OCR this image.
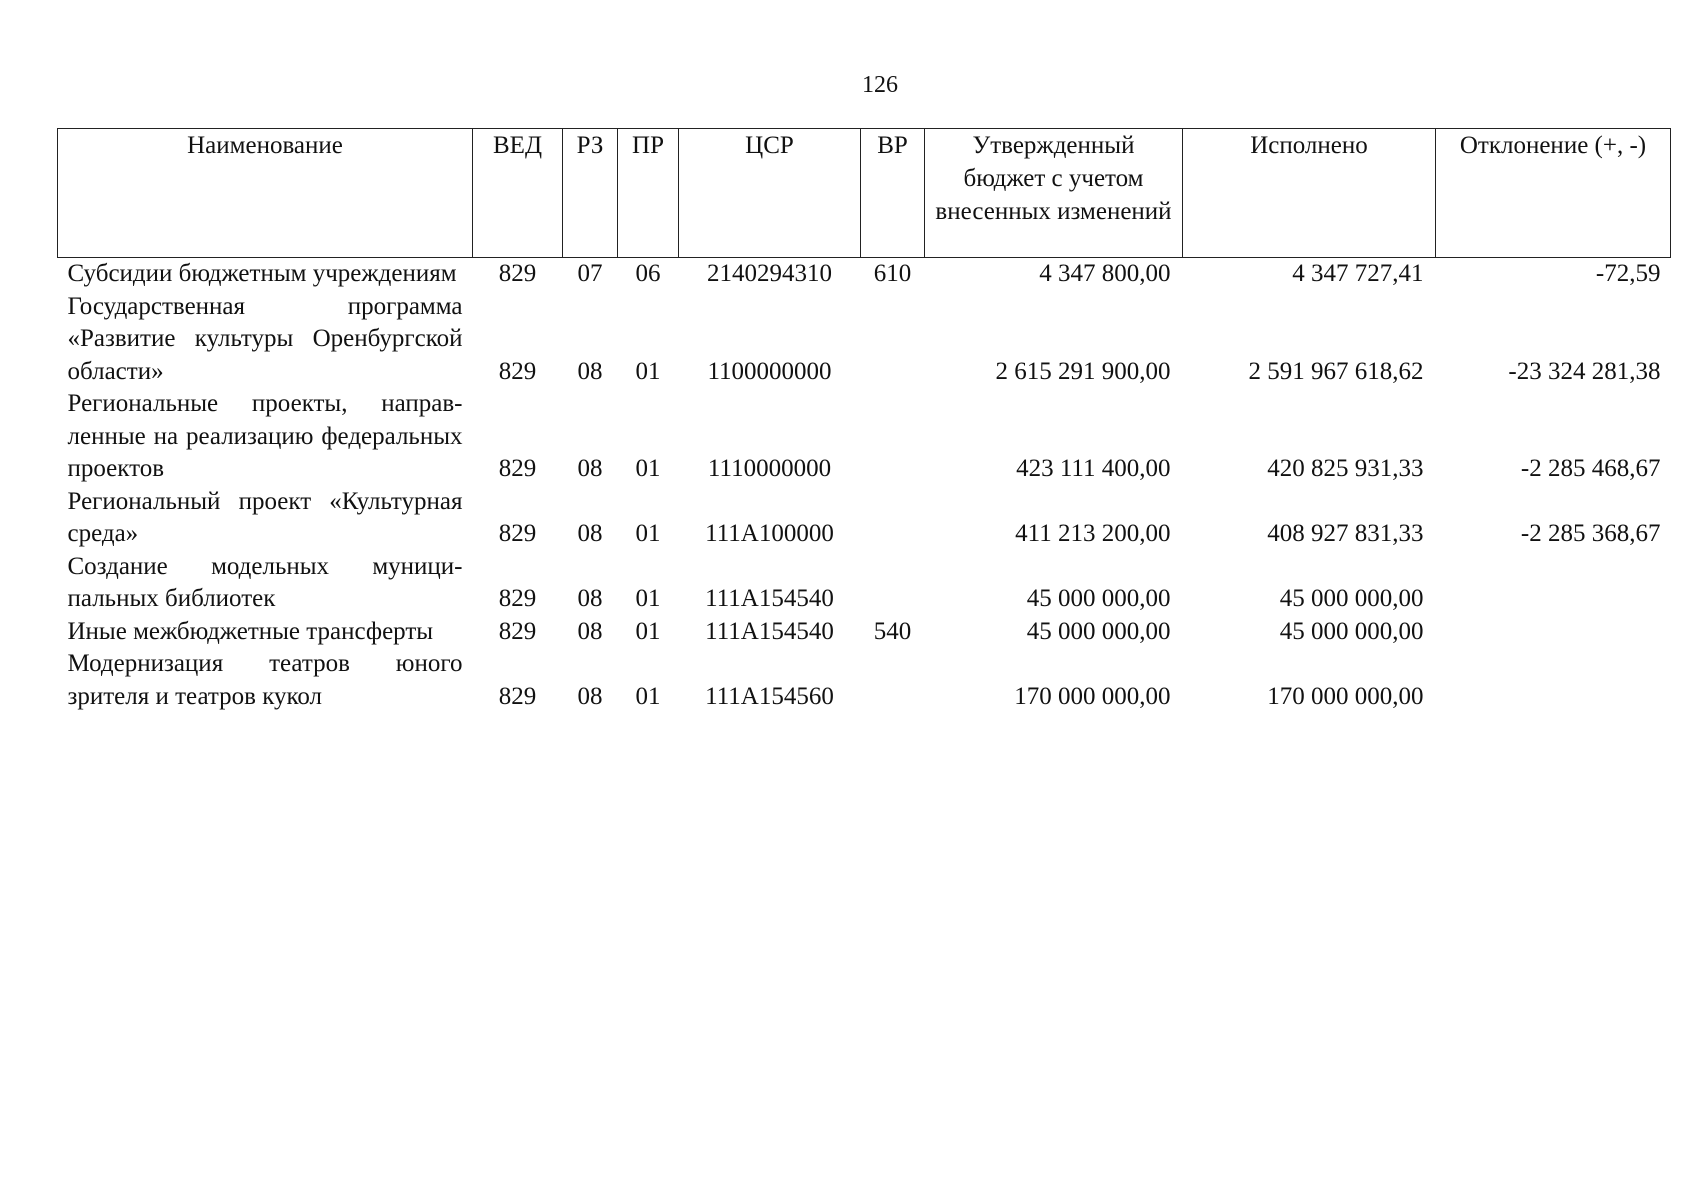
126
Наименование	ВЕД	РЗ	ПР	ЦСР	ВР	Утвержденный бюджет с учетом внесенных изменений	Исполнено	Отклонение (+, -)
Субсидии бюджетным учреждениям	829	07	06	2140294310	610	4 347 800,00	4 347 727,41	-72,59
Государственная программа «Развитие культуры Оренбургской области»	829	08	01	1100000000		2 615 291 900,00	2 591 967 618,62	-23 324 281,38
Региональные проекты, направленные на реализацию федеральных проектов	829	08	01	1110000000		423 111 400,00	420 825 931,33	-2 285 468,67
Региональный проект «Культурная среда»	829	08	01	111A100000		411 213 200,00	408 927 831,33	-2 285 368,67
Создание модельных муниципальных библиотек	829	08	01	111A154540		45 000 000,00	45 000 000,00	
Иные межбюджетные трансферты	829	08	01	111A154540	540	45 000 000,00	45 000 000,00	
Модернизация театров юного зрителя и театров кукол	829	08	01	111A154560		170 000 000,00	170 000 000,00	
